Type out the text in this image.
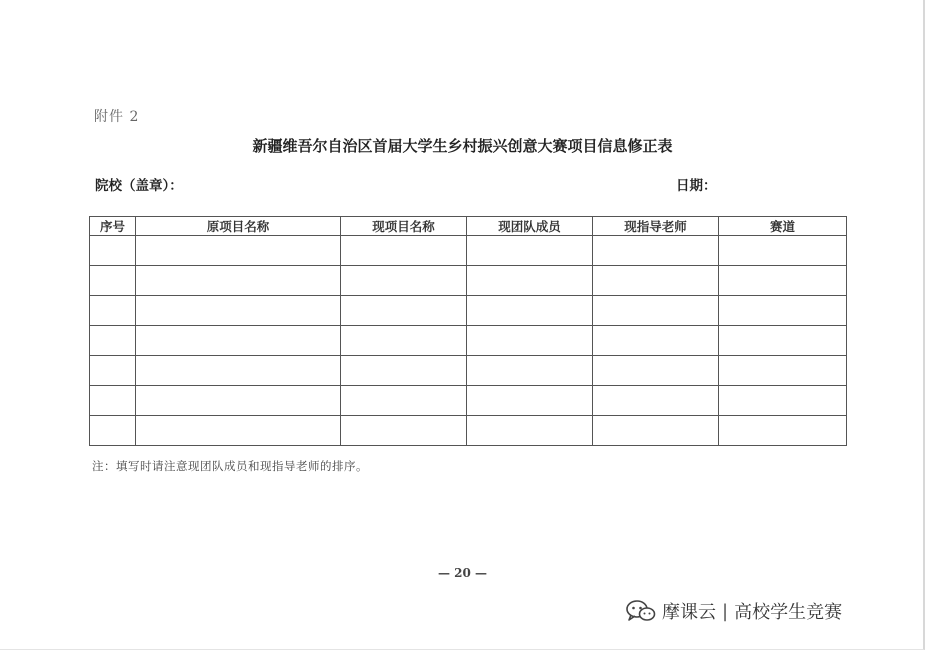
附件 2
新疆维吾尔自治区首届大学生乡村振兴创意大赛项目信息修正表
院校（盖章）：	日期：
序号	原项目名称	现项目名称	现团队成员	现指导老师	赛道

注：填写时请注意现团队成员和现指导老师的排序。
— 20 —
摩课云 | 高校学生竞赛
